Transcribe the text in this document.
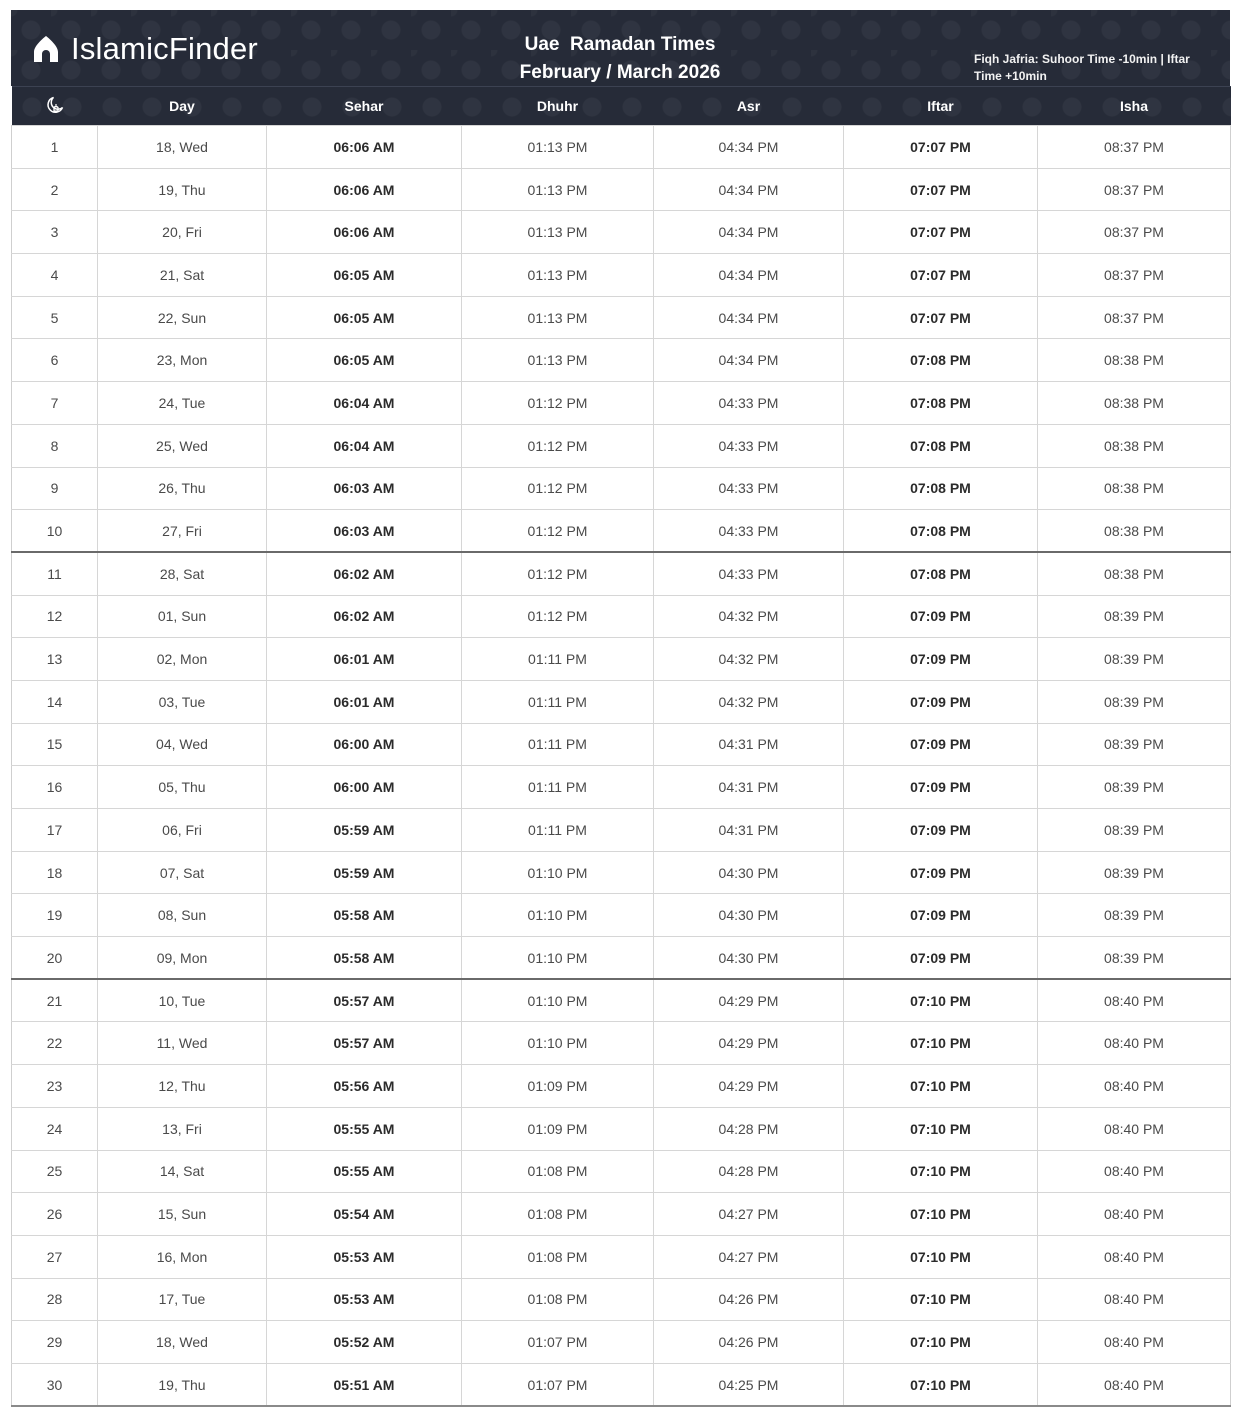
IslamicFinder	Uae  Ramadan Times
February / March 2026
Fiqh Jafria: Suhoor Time -10min | Iftar Time +10min
	Day	Sehar	Dhuhr	Asr	Iftar	Isha
1	18, Wed	06:06 AM	01:13 PM	04:34 PM	07:07 PM	08:37 PM
2	19, Thu	06:06 AM	01:13 PM	04:34 PM	07:07 PM	08:37 PM
3	20, Fri	06:06 AM	01:13 PM	04:34 PM	07:07 PM	08:37 PM
4	21, Sat	06:05 AM	01:13 PM	04:34 PM	07:07 PM	08:37 PM
5	22, Sun	06:05 AM	01:13 PM	04:34 PM	07:07 PM	08:37 PM
6	23, Mon	06:05 AM	01:13 PM	04:34 PM	07:08 PM	08:38 PM
7	24, Tue	06:04 AM	01:12 PM	04:33 PM	07:08 PM	08:38 PM
8	25, Wed	06:04 AM	01:12 PM	04:33 PM	07:08 PM	08:38 PM
9	26, Thu	06:03 AM	01:12 PM	04:33 PM	07:08 PM	08:38 PM
10	27, Fri	06:03 AM	01:12 PM	04:33 PM	07:08 PM	08:38 PM
11	28, Sat	06:02 AM	01:12 PM	04:33 PM	07:08 PM	08:38 PM
12	01, Sun	06:02 AM	01:12 PM	04:32 PM	07:09 PM	08:39 PM
13	02, Mon	06:01 AM	01:11 PM	04:32 PM	07:09 PM	08:39 PM
14	03, Tue	06:01 AM	01:11 PM	04:32 PM	07:09 PM	08:39 PM
15	04, Wed	06:00 AM	01:11 PM	04:31 PM	07:09 PM	08:39 PM
16	05, Thu	06:00 AM	01:11 PM	04:31 PM	07:09 PM	08:39 PM
17	06, Fri	05:59 AM	01:11 PM	04:31 PM	07:09 PM	08:39 PM
18	07, Sat	05:59 AM	01:10 PM	04:30 PM	07:09 PM	08:39 PM
19	08, Sun	05:58 AM	01:10 PM	04:30 PM	07:09 PM	08:39 PM
20	09, Mon	05:58 AM	01:10 PM	04:30 PM	07:09 PM	08:39 PM
21	10, Tue	05:57 AM	01:10 PM	04:29 PM	07:10 PM	08:40 PM
22	11, Wed	05:57 AM	01:10 PM	04:29 PM	07:10 PM	08:40 PM
23	12, Thu	05:56 AM	01:09 PM	04:29 PM	07:10 PM	08:40 PM
24	13, Fri	05:55 AM	01:09 PM	04:28 PM	07:10 PM	08:40 PM
25	14, Sat	05:55 AM	01:08 PM	04:28 PM	07:10 PM	08:40 PM
26	15, Sun	05:54 AM	01:08 PM	04:27 PM	07:10 PM	08:40 PM
27	16, Mon	05:53 AM	01:08 PM	04:27 PM	07:10 PM	08:40 PM
28	17, Tue	05:53 AM	01:08 PM	04:26 PM	07:10 PM	08:40 PM
29	18, Wed	05:52 AM	01:07 PM	04:26 PM	07:10 PM	08:40 PM
30	19, Thu	05:51 AM	01:07 PM	04:25 PM	07:10 PM	08:40 PM
